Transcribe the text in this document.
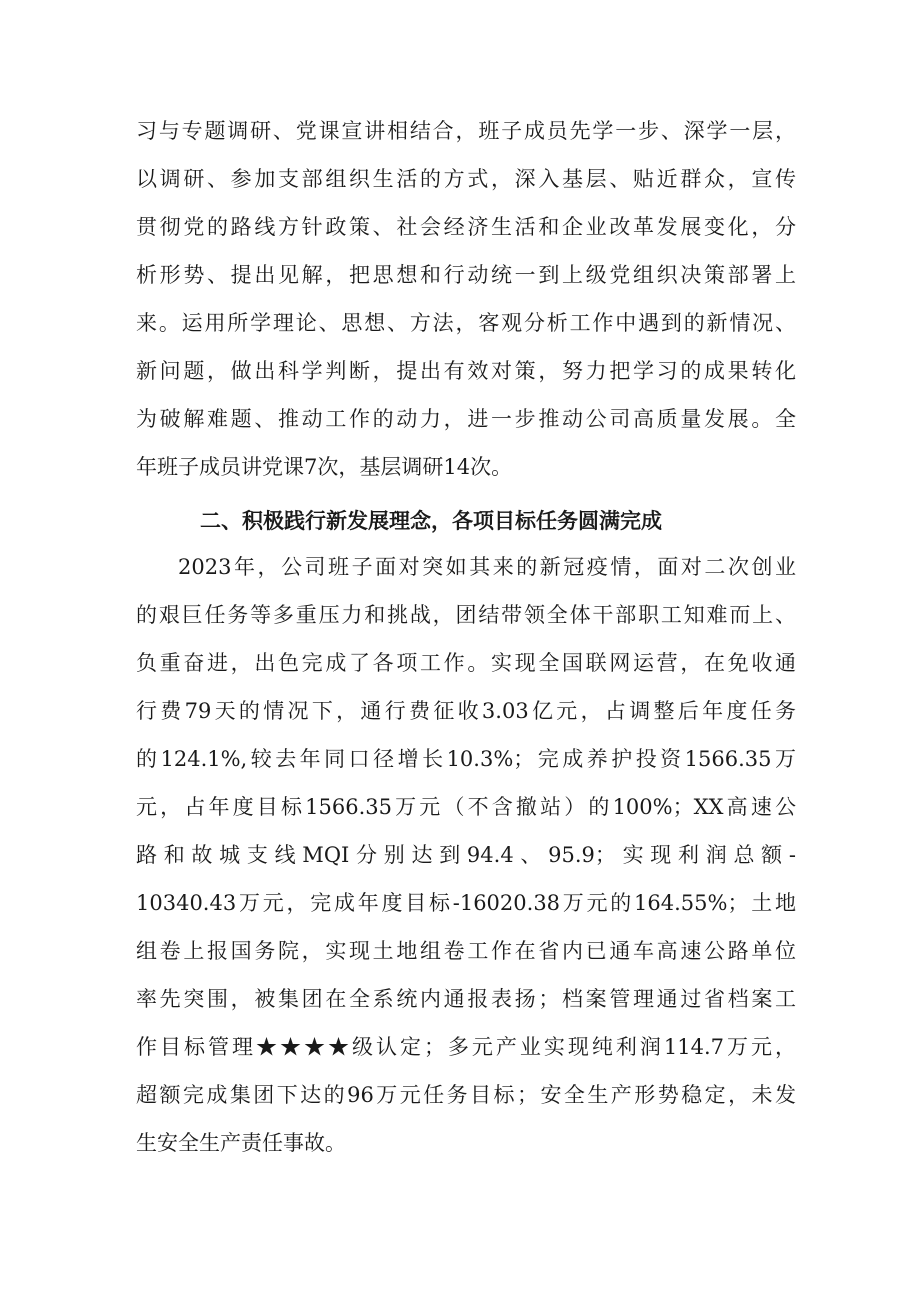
习与专题调研、党课宣讲相结合，班子成员先学一步、深学一层，
以调研、参加支部组织生活的方式，深入基层、贴近群众，宣传
贯彻党的路线方针政策、社会经济生活和企业改革发展变化，分
析形势、提出见解，把思想和行动统一到上级党组织决策部署上
来。运用所学理论、思想、方法，客观分析工作中遇到的新情况、
新问题，做出科学判断，提出有效对策，努力把学习的成果转化
为破解难题、推动工作的动力，进一步推动公司高质量发展。全
年班子成员讲党课7次，基层调研14次。
二、积极践行新发展理念，各项目标任务圆满完成
2023年，公司班子面对突如其来的新冠疫情，面对二次创业
的艰巨任务等多重压力和挑战，团结带领全体干部职工知难而上、
负重奋进，出色完成了各项工作。实现全国联网运营，在免收通
行费79天的情况下，通行费征收3.03亿元，占调整后年度任务
的124.1%,较去年同口径增长10.3%；完成养护投资1566.35万
元，占年度目标1566.35万元（不含撤站）的100%；XX高速公
路和故城支线MQI分别达到94.4、95.9；实现利润总额-
10340.43万元，完成年度目标-16020.38万元的164.55%；土地
组卷上报国务院，实现土地组卷工作在省内已通车高速公路单位
率先突围，被集团在全系统内通报表扬；档案管理通过省档案工
作目标管理★★★★级认定；多元产业实现纯利润114.7万元，
超额完成集团下达的96万元任务目标；安全生产形势稳定，未发
生安全生产责任事故。
